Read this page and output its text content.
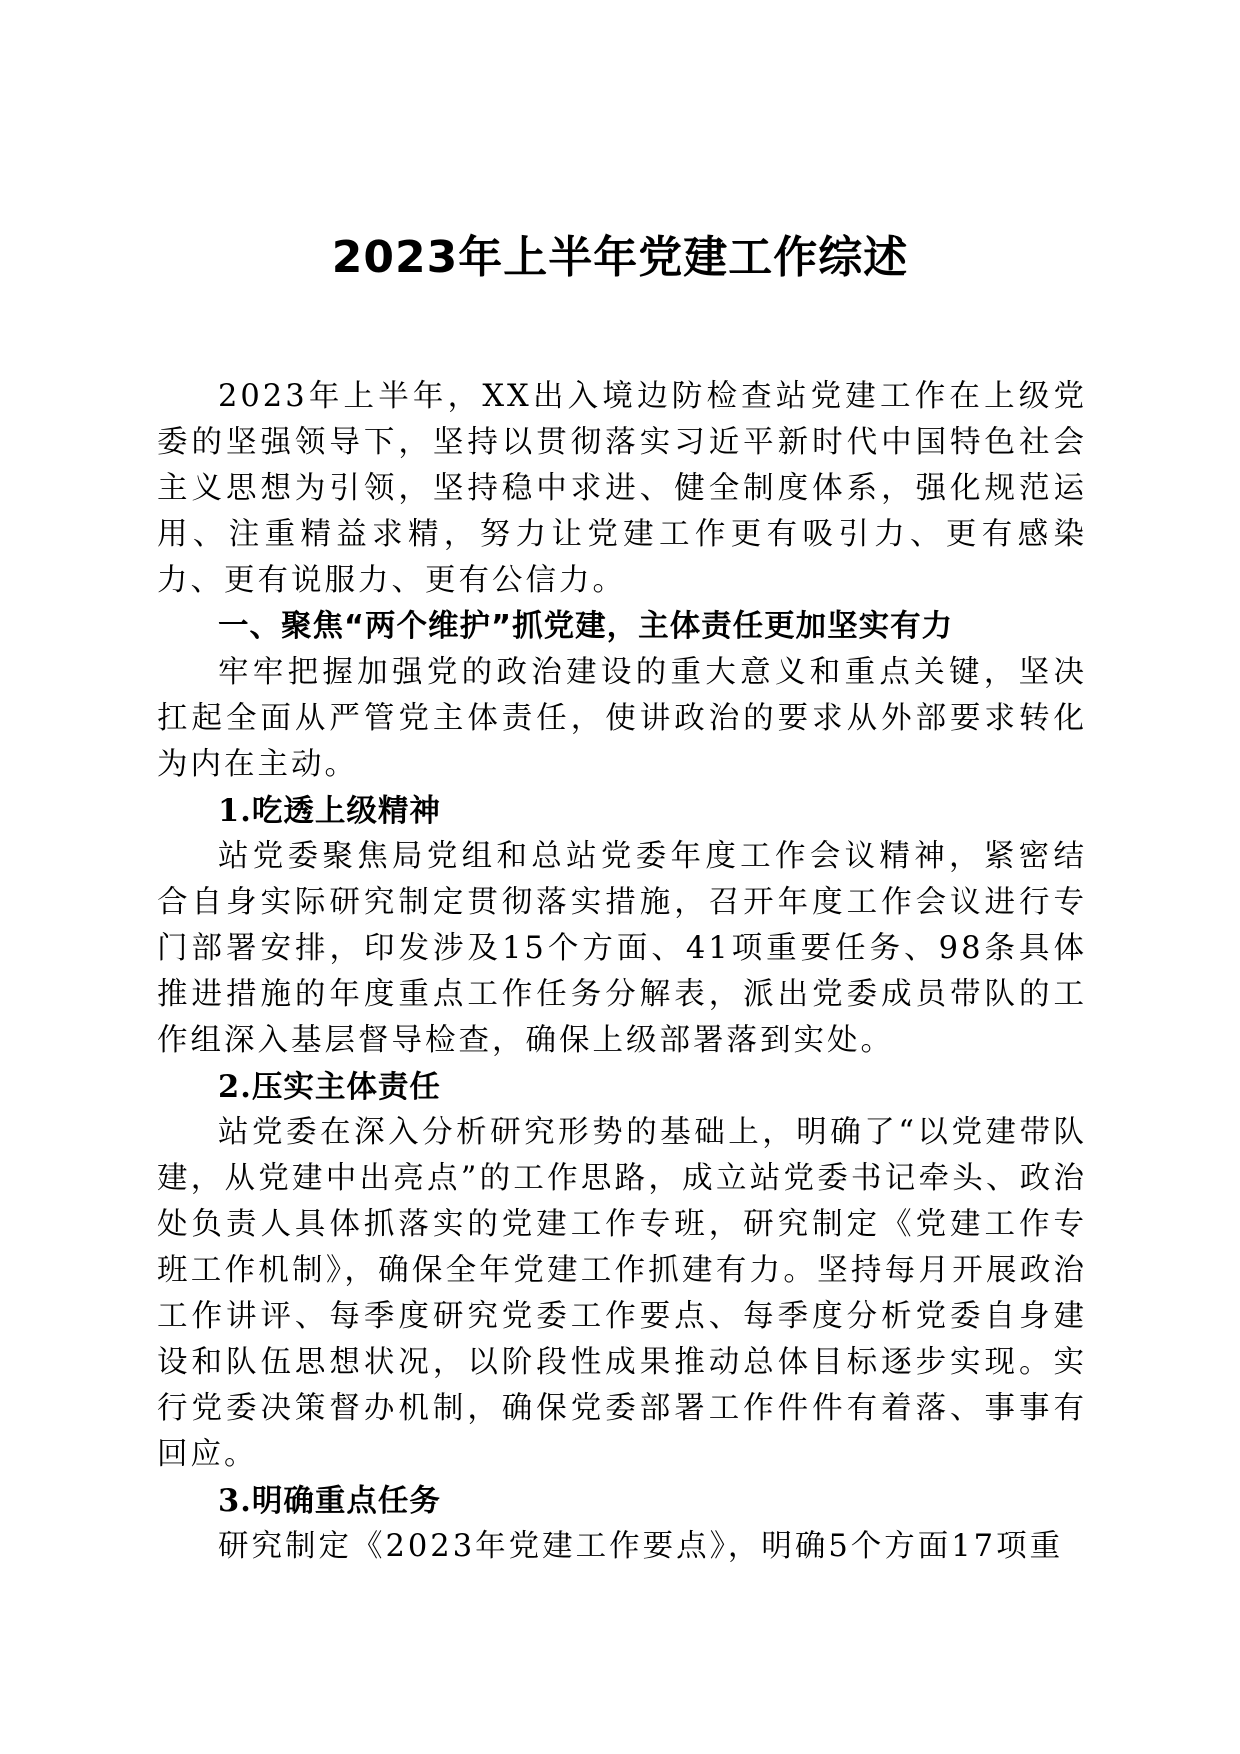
2023年上半年党建工作综述

2023年上半年，XX出入境边防检查站党建工作在上级党委的坚强领导下，坚持以贯彻落实习近平新时代中国特色社会主义思想为引领，坚持稳中求进、健全制度体系，强化规范运用、注重精益求精，努力让党建工作更有吸引力、更有感染力、更有说服力、更有公信力。

一、聚焦“两个维护”抓党建，主体责任更加坚实有力

牢牢把握加强党的政治建设的重大意义和重点关键，坚决扛起全面从严管党主体责任，使讲政治的要求从外部要求转化为内在主动。

1.吃透上级精神

站党委聚焦局党组和总站党委年度工作会议精神，紧密结合自身实际研究制定贯彻落实措施，召开年度工作会议进行专门部署安排，印发涉及15个方面、41项重要任务、98条具体推进措施的年度重点工作任务分解表，派出党委成员带队的工作组深入基层督导检查，确保上级部署落到实处。

2.压实主体责任

站党委在深入分析研究形势的基础上，明确了“以党建带队建，从党建中出亮点”的工作思路，成立站党委书记牵头、政治处负责人具体抓落实的党建工作专班，研究制定《党建工作专班工作机制》，确保全年党建工作抓建有力。坚持每月开展政治工作讲评、每季度研究党委工作要点、每季度分析党委自身建设和队伍思想状况，以阶段性成果推动总体目标逐步实现。实行党委决策督办机制，确保党委部署工作件件有着落、事事有回应。

3.明确重点任务

研究制定《2023年党建工作要点》，明确5个方面17项重
